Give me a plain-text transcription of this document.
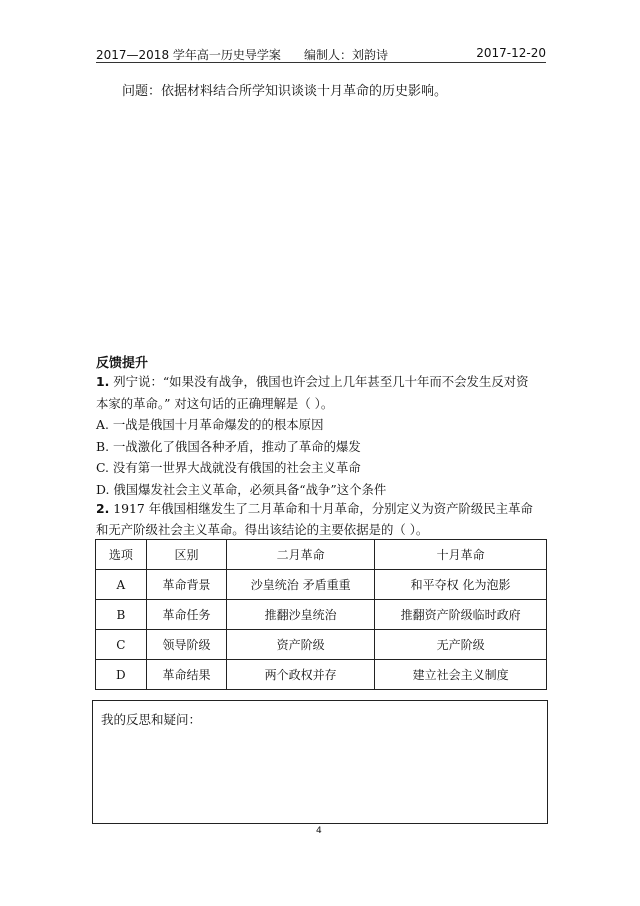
2017—2018 学年高一历史导学案 编制人：刘韵诗	2017-12-20
问题：依据材料结合所学知识谈谈十月革命的历史影响。
反馈提升
1. 列宁说：“如果没有战争，俄国也许会过上几年甚至几十年而不会发生反对资
本家的革命。” 对这句话的正确理解是（ ）。
A. 一战是俄国十月革命爆发的的根本原因
B. 一战激化了俄国各种矛盾，推动了革命的爆发
C. 没有第一世界大战就没有俄国的社会主义革命
D. 俄国爆发社会主义革命，必须具备“战争”这个条件
2. 1917 年俄国相继发生了二月革命和十月革命，分别定义为资产阶级民主革命
和无产阶级社会主义革命。得出该结论的主要依据是的（ ）。
选项	区别	二月革命	十月革命
A	革命背景	沙皇统治 矛盾重重	和平夺权 化为泡影
B	革命任务	推翻沙皇统治	推翻资产阶级临时政府
C	领导阶级	资产阶级	无产阶级
D	革命结果	两个政权并存	建立社会主义制度
我的反思和疑问：
4
